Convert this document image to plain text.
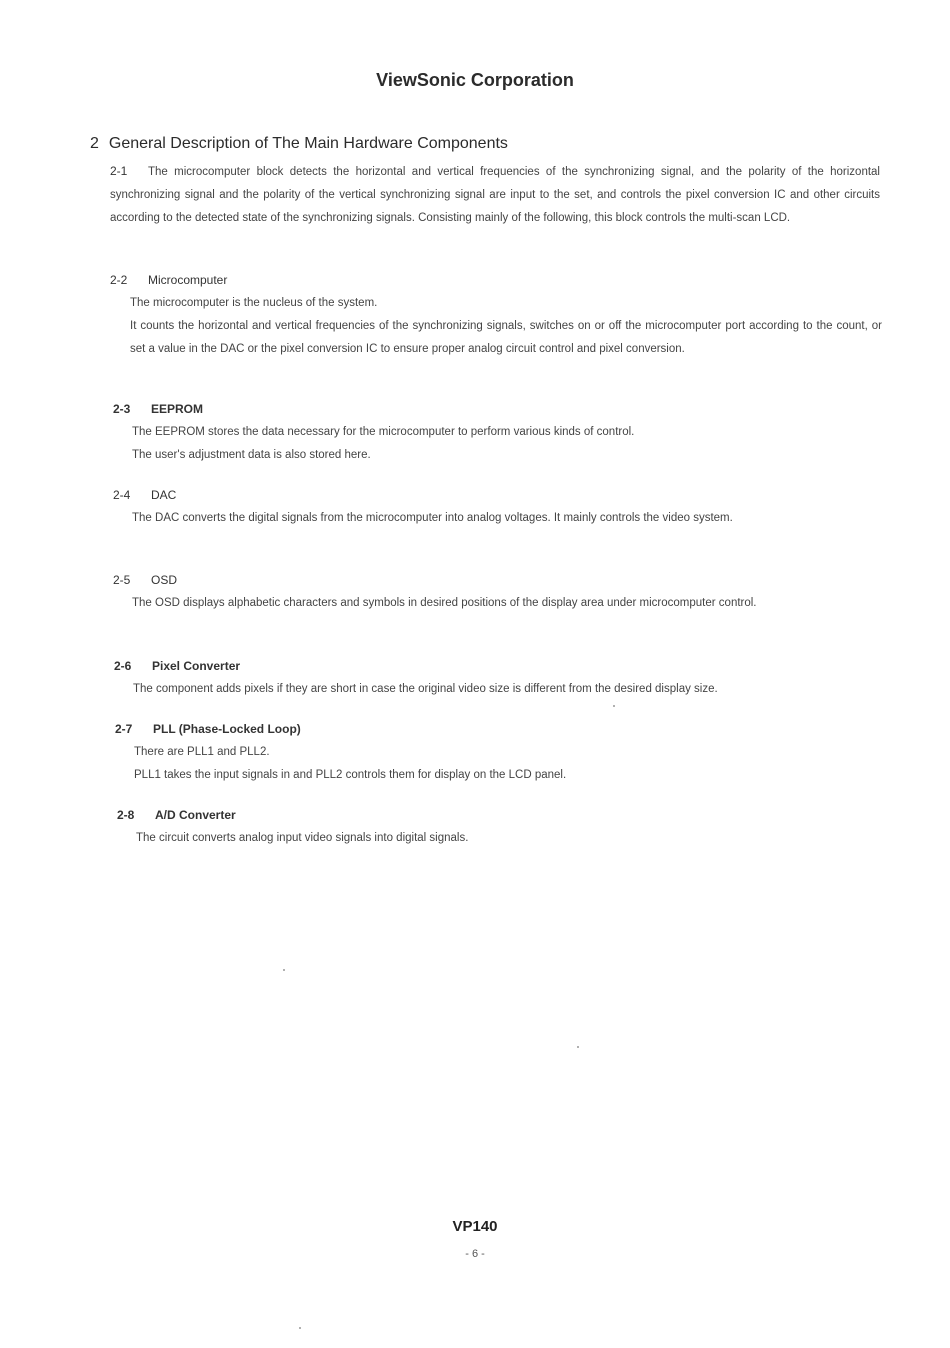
ViewSonic Corporation
2 General Description of The Main Hardware Components

2-1 The microcomputer block detects the horizontal and vertical frequencies of the synchronizing signal, and the polarity of the horizontal synchronizing signal and the polarity of the vertical synchronizing signal are input to the set, and controls the pixel conversion IC and other circuits according to the detected state of the synchronizing signals. Consisting mainly of the following, this block controls the multi-scan LCD.

2-2 Microcomputer

The microcomputer is the nucleus of the system.

It counts the horizontal and vertical frequencies of the synchronizing signals, switches on or off the microcomputer port according to the count, or set a value in the DAC or the pixel conversion IC to ensure proper analog circuit control and pixel conversion.

2-3 EEPROM

The EEPROM stores the data necessary for the microcomputer to perform various kinds of control.

The user's adjustment data is also stored here.

2-4 DAC

The DAC converts the digital signals from the microcomputer into analog voltages. It mainly controls the video system.

2-5 OSD

The OSD displays alphabetic characters and symbols in desired positions of the display area under microcomputer control.

2-6 Pixel Converter

The component adds pixels if they are short in case the original video size is different from the desired display size.

2-7 PLL (Phase-Locked Loop)

There are PLL1 and PLL2.

PLL1 takes the input signals in and PLL2 controls them for display on the LCD panel.

2-8 A/D Converter

The circuit converts analog input video signals into digital signals.

VP140
- 6 -
